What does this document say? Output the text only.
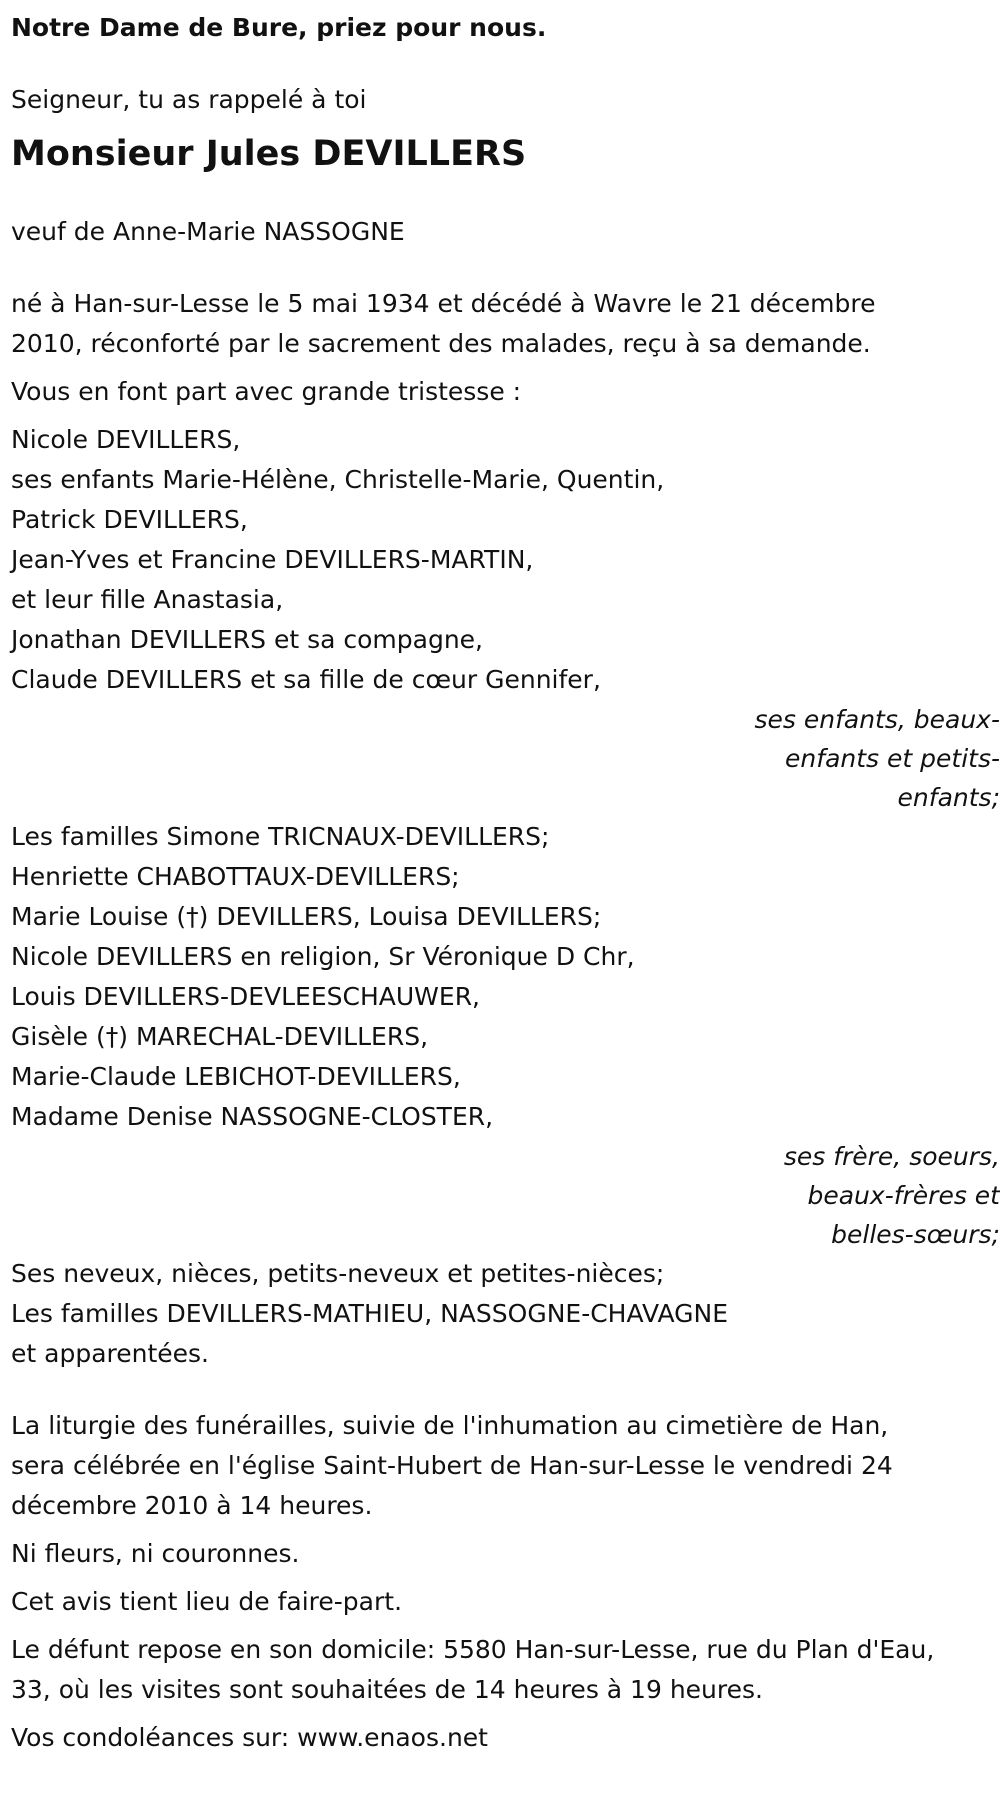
Notre Dame de Bure, priez pour nous.

Seigneur, tu as rappelé à toi

Monsieur Jules DEVILLERS

veuf de Anne-Marie NASSOGNE

né à Han-sur-Lesse le 5 mai 1934 et décédé à Wavre le 21 décembre

2010, réconforté par le sacrement des malades, reçu à sa demande.

Vous en font part avec grande tristesse :

Nicole DEVILLERS,

ses enfants Marie-Hélène, Christelle-Marie, Quentin,

Patrick DEVILLERS,

Jean-Yves et Francine DEVILLERS-MARTIN,

et leur fille Anastasia,

Jonathan DEVILLERS et sa compagne,

Claude DEVILLERS et sa fille de cœur Gennifer,

ses enfants, beaux-
enfants et petits-
enfants;

Les familles Simone TRICNAUX-DEVILLERS;

Henriette CHABOTTAUX-DEVILLERS;

Marie Louise (†) DEVILLERS, Louisa DEVILLERS;

Nicole DEVILLERS en religion, Sr Véronique D Chr,

Louis DEVILLERS-DEVLEESCHAUWER,

Gisèle (†) MARECHAL-DEVILLERS,

Marie-Claude LEBICHOT-DEVILLERS,

Madame Denise NASSOGNE-CLOSTER,

ses frère, soeurs,
beaux-frères et
belles-sœurs;

Ses neveux, nièces, petits-neveux et petites-nièces;

Les familles DEVILLERS-MATHIEU, NASSOGNE-CHAVAGNE

et apparentées.

La liturgie des funérailles, suivie de l'inhumation au cimetière de Han,

sera célébrée en l'église Saint-Hubert de Han-sur-Lesse le vendredi 24

décembre 2010 à 14 heures.

Ni fleurs, ni couronnes.

Cet avis tient lieu de faire-part.

Le défunt repose en son domicile: 5580 Han-sur-Lesse, rue du Plan d'Eau,

33, où les visites sont souhaitées de 14 heures à 19 heures.

Vos condoléances sur: www.enaos.net
